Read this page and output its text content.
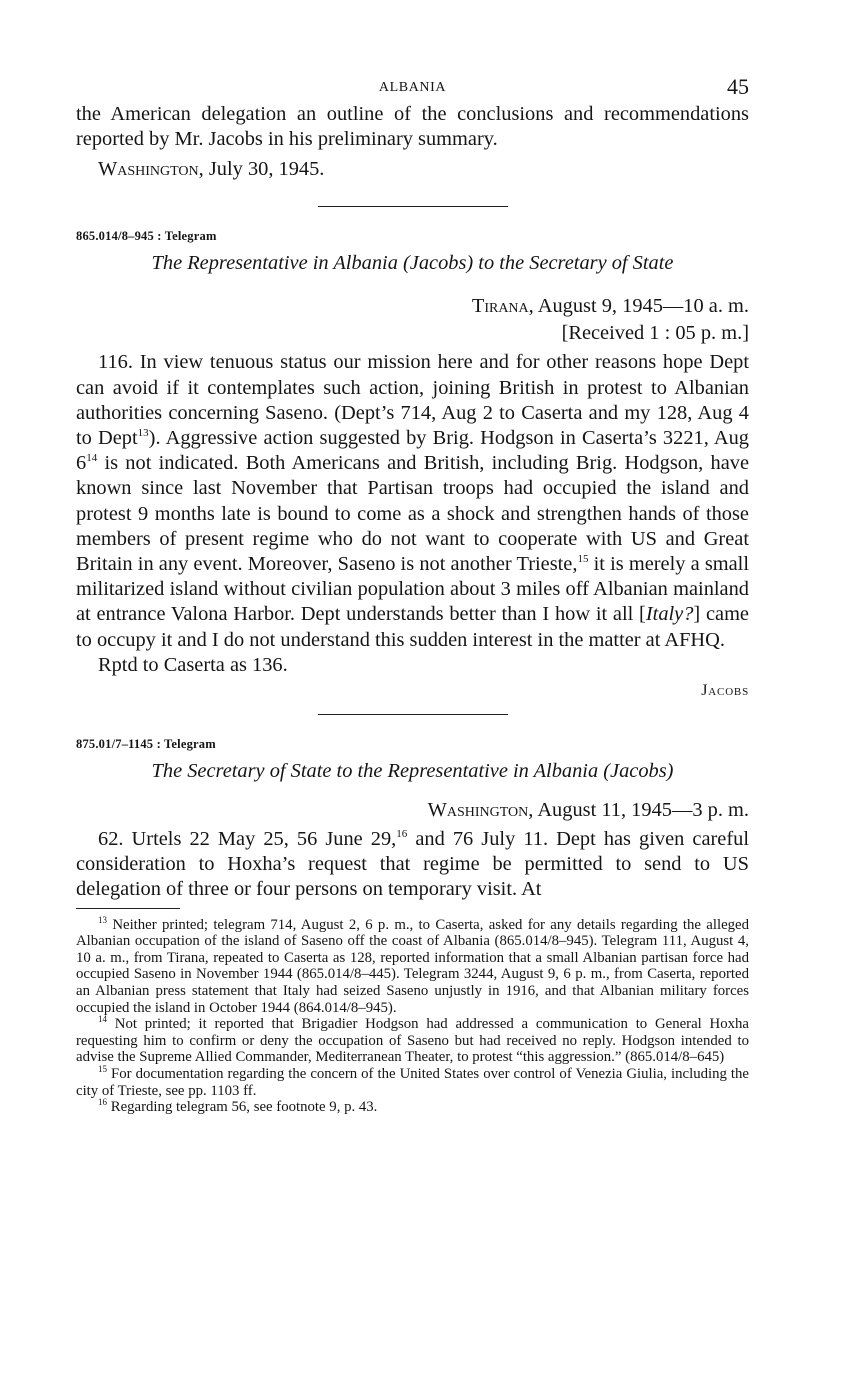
ALBANIA	45

the American delegation an outline of the conclusions and recommendations reported by Mr. Jacobs in his preliminary summary.

Washington, July 30, 1945.

865.014/8–945 : Telegram

The Representative in Albania (Jacobs) to the Secretary of State

Tirana, August 9, 1945—10 a. m.

[Received 1 : 05 p. m.]

116. In view tenuous status our mission here and for other reasons hope Dept can avoid if it contemplates such action, joining British in protest to Albanian authorities concerning Saseno. (Dept’s 714, Aug 2 to Caserta and my 128, Aug 4 to Dept$^{13}$). Aggressive action suggested by Brig. Hodgson in Caserta’s 3221, Aug $6^{14}$ is not indicated. Both Americans and British, including Brig. Hodgson, have known since last November that Partisan troops had occupied the island and protest 9 months late is bound to come as a shock and strengthen hands of those members of present regime who do not want to cooperate with US and Great Britain in any event. Moreover, Saseno is not another Trieste,$^{15}$ it is merely a small militarized island without civilian population about 3 miles off Albanian mainland at entrance Valona Harbor. Dept understands better than I how it all [Italy?] came to occupy it and I do not understand this sudden interest in the matter at AFHQ.

Rptd to Caserta as 136.

Jacobs

875.01/7–1145 : Telegram

The Secretary of State to the Representative in Albania (Jacobs)

Washington, August 11, 1945—3 p. m.

62. Urtels 22 May 25, 56 June 29,16 and 76 July 11. Dept has given careful consideration to Hoxha’s request that regime be permitted to send to US delegation of three or four persons on temporary visit. At

$^{13}$ Neither printed; telegram 714, August 2, 6 p. m., to Caserta, asked for any details regarding the alleged Albanian occupation of the island of Saseno off the coast of Albania (865.014/8–945). Telegram 111, August 4, 10 a. m., from Tirana, repeated to Caserta as 128, reported information that a small Albanian partisan force had occupied Saseno in November 1944 (865.014/8–445). Telegram 3244, August 9, 6 p. m., from Caserta, reported an Albanian press statement that Italy had seized Saseno unjustly in 1916, and that Albanian military forces occupied the island in October 1944 (864.014/8–945).

$^{14}$ Not printed; it reported that Brigadier Hodgson had addressed a communication to General Hoxha requesting him to confirm or deny the occupation of Saseno but had received no reply. Hodgson intended to advise the Supreme Allied Commander, Mediterranean Theater, to protest “this aggression.” (865.014/8–645)

$^{15}$ For documentation regarding the concern of the United States over control of Venezia Giulia, including the city of Trieste, see pp. 1103 ff.

$^{16}$ Regarding telegram 56, see footnote 9, p. 43.
